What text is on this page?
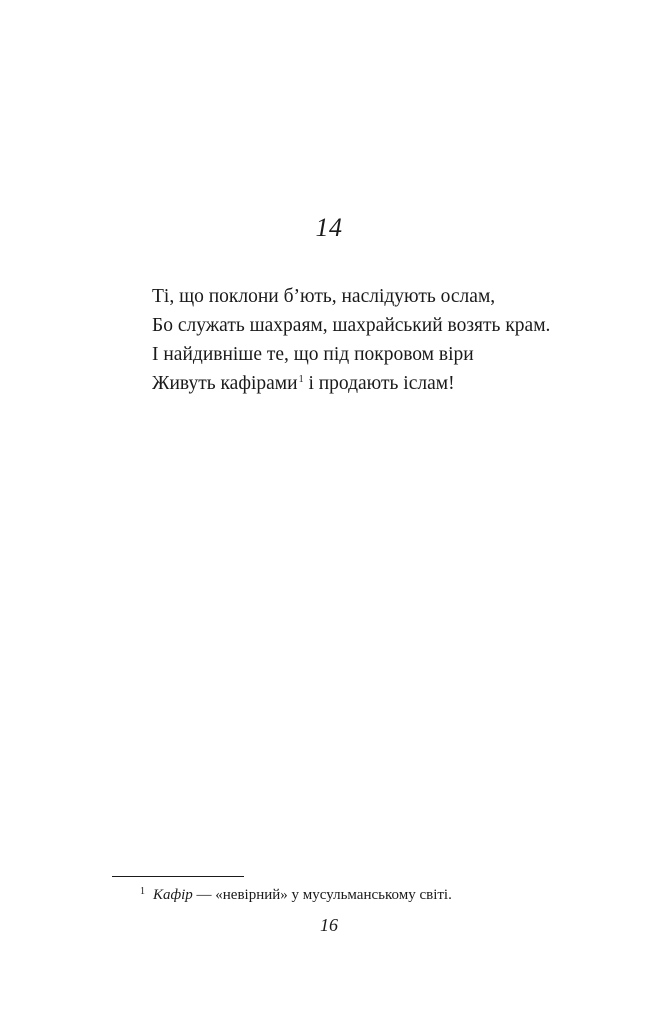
14
Ті, що поклони б’ють, наслідують ослам,
Бо служать шахраям, шахрайський возять крам.
І найдивніше те, що під покровом віри
Живуть кафірами$^1$ і продають іслам!
$^1$ Кафір — «невірний» у мусульманському світі.
16
